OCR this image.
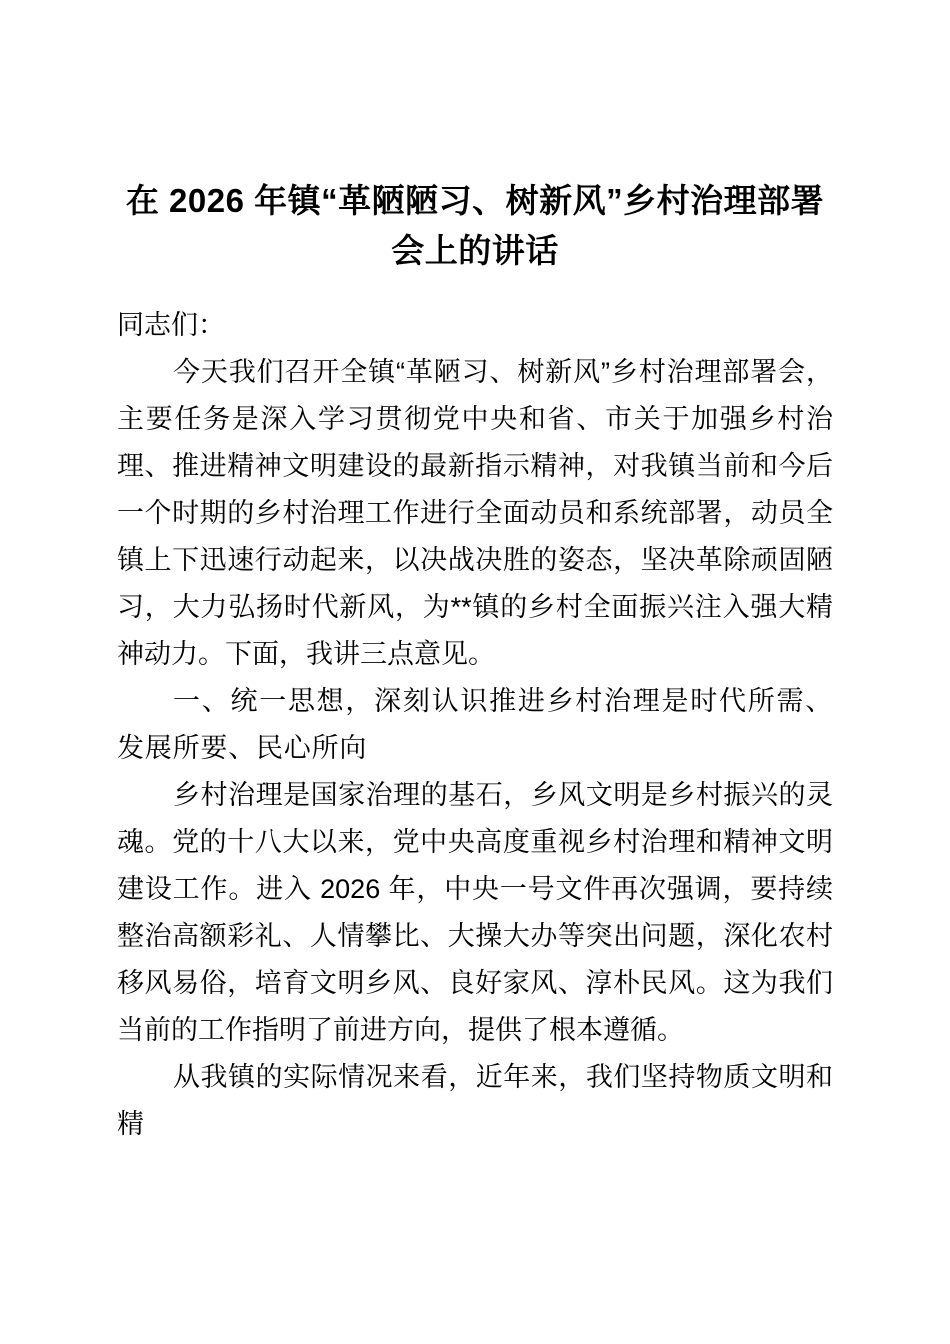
在 2026 年镇“革陋陋习、树新风”乡村治理部署会上的讲话

同志们：

今天我们召开全镇“革陋习、树新风”乡村治理部署会，主要任务是深入学习贯彻党中央和省、市关于加强乡村治理、推进精神文明建设的最新指示精神，对我镇当前和今后一个时期的乡村治理工作进行全面动员和系统部署，动员全镇上下迅速行动起来，以决战决胜的姿态，坚决革除顽固陋习，大力弘扬时代新风，为**镇的乡村全面振兴注入强大精神动力。下面，我讲三点意见。

一、统一思想，深刻认识推进乡村治理是时代所需、发展所要、民心所向

乡村治理是国家治理的基石，乡风文明是乡村振兴的灵魂。党的十八大以来，党中央高度重视乡村治理和精神文明建设工作。进入 2026 年，中央一号文件再次强调，要持续整治高额彩礼、人情攀比、大操大办等突出问题，深化农村移风易俗，培育文明乡风、良好家风、淳朴民风。这为我们当前的工作指明了前进方向，提供了根本遵循。

从我镇的实际情况来看，近年来，我们坚持物质文明和精
